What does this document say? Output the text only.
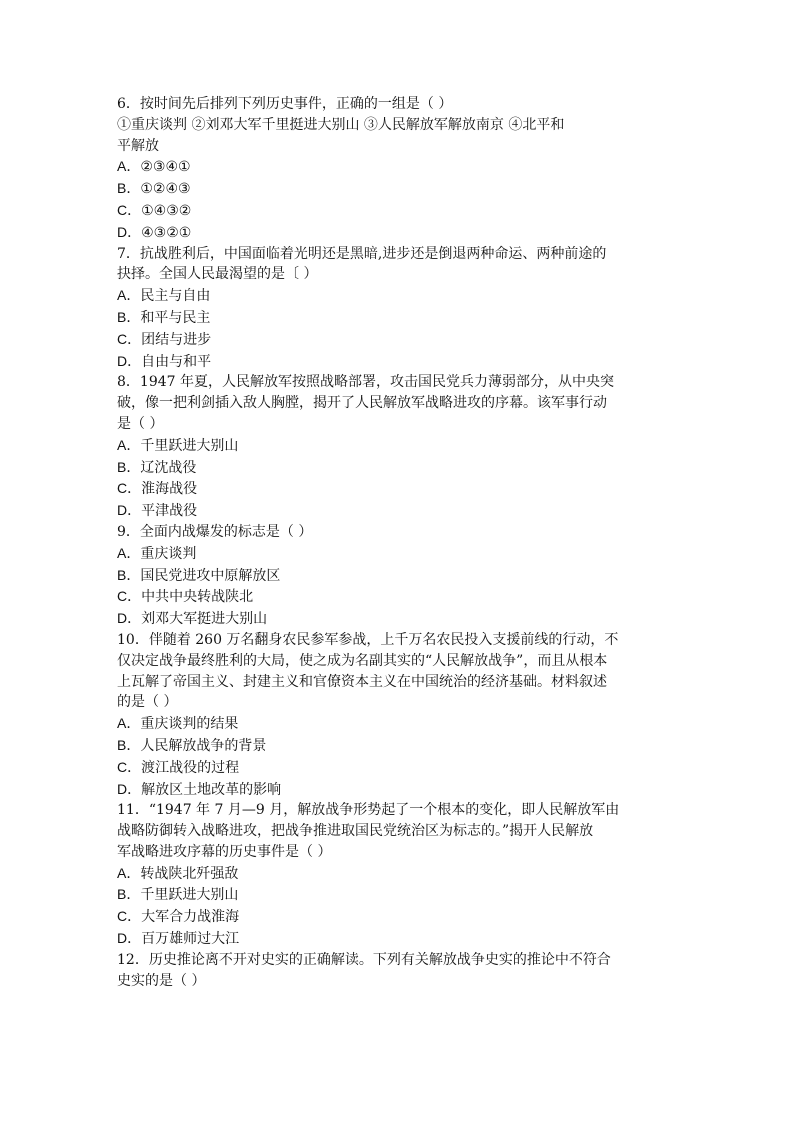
6．按时间先后排列下列历史事件，正确的一组是（ ）
①重庆谈判 ②刘邓大军千里挺进大别山 ③人民解放军解放南京 ④北平和
平解放
A．②③④①
B．①②④③
C．①④③②
D．④③②①
7．抗战胜利后，中国面临着光明还是黑暗,进步还是倒退两种命运、两种前途的
抉择。全国人民最渴望的是〔 ）
A．民主与自由
B．和平与民主
C．团结与进步
D．自由与和平
8．1947 年夏，人民解放军按照战略部署，攻击国民党兵力薄弱部分，从中央突
破，像一把利剑插入敌人胸膛，揭开了人民解放军战略进攻的序幕。该军事行动
是（ ）
A．千里跃进大别山
B．辽沈战役
C．淮海战役
D．平津战役
9．全面内战爆发的标志是（ ）
A．重庆谈判
B．国民党进攻中原解放区
C．中共中央转战陕北
D．刘邓大军挺进大别山
10．伴随着 260 万名翻身农民参军参战，上千万名农民投入支援前线的行动，不
仅决定战争最终胜利的大局，使之成为名副其实的“人民解放战争”，而且从根本
上瓦解了帝国主义、封建主义和官僚资本主义在中国统治的经济基础。材料叙述
的是（ ）
A．重庆谈判的结果
B．人民解放战争的背景
C．渡江战役的过程
D．解放区土地改革的影响
11．“1947 年 7 月—9 月，解放战争形势起了一个根本的变化，即人民解放军由
战略防御转入战略进攻，把战争推进取国民党统治区为标志的。”揭开人民解放
军战略进攻序幕的历史事件是（ ）
A．转战陕北歼强敌
B．千里跃进大别山
C．大军合力战淮海
D．百万雄师过大江
12．历史推论离不开对史实的正确解读。下列有关解放战争史实的推论中不符合
史实的是（ ）
